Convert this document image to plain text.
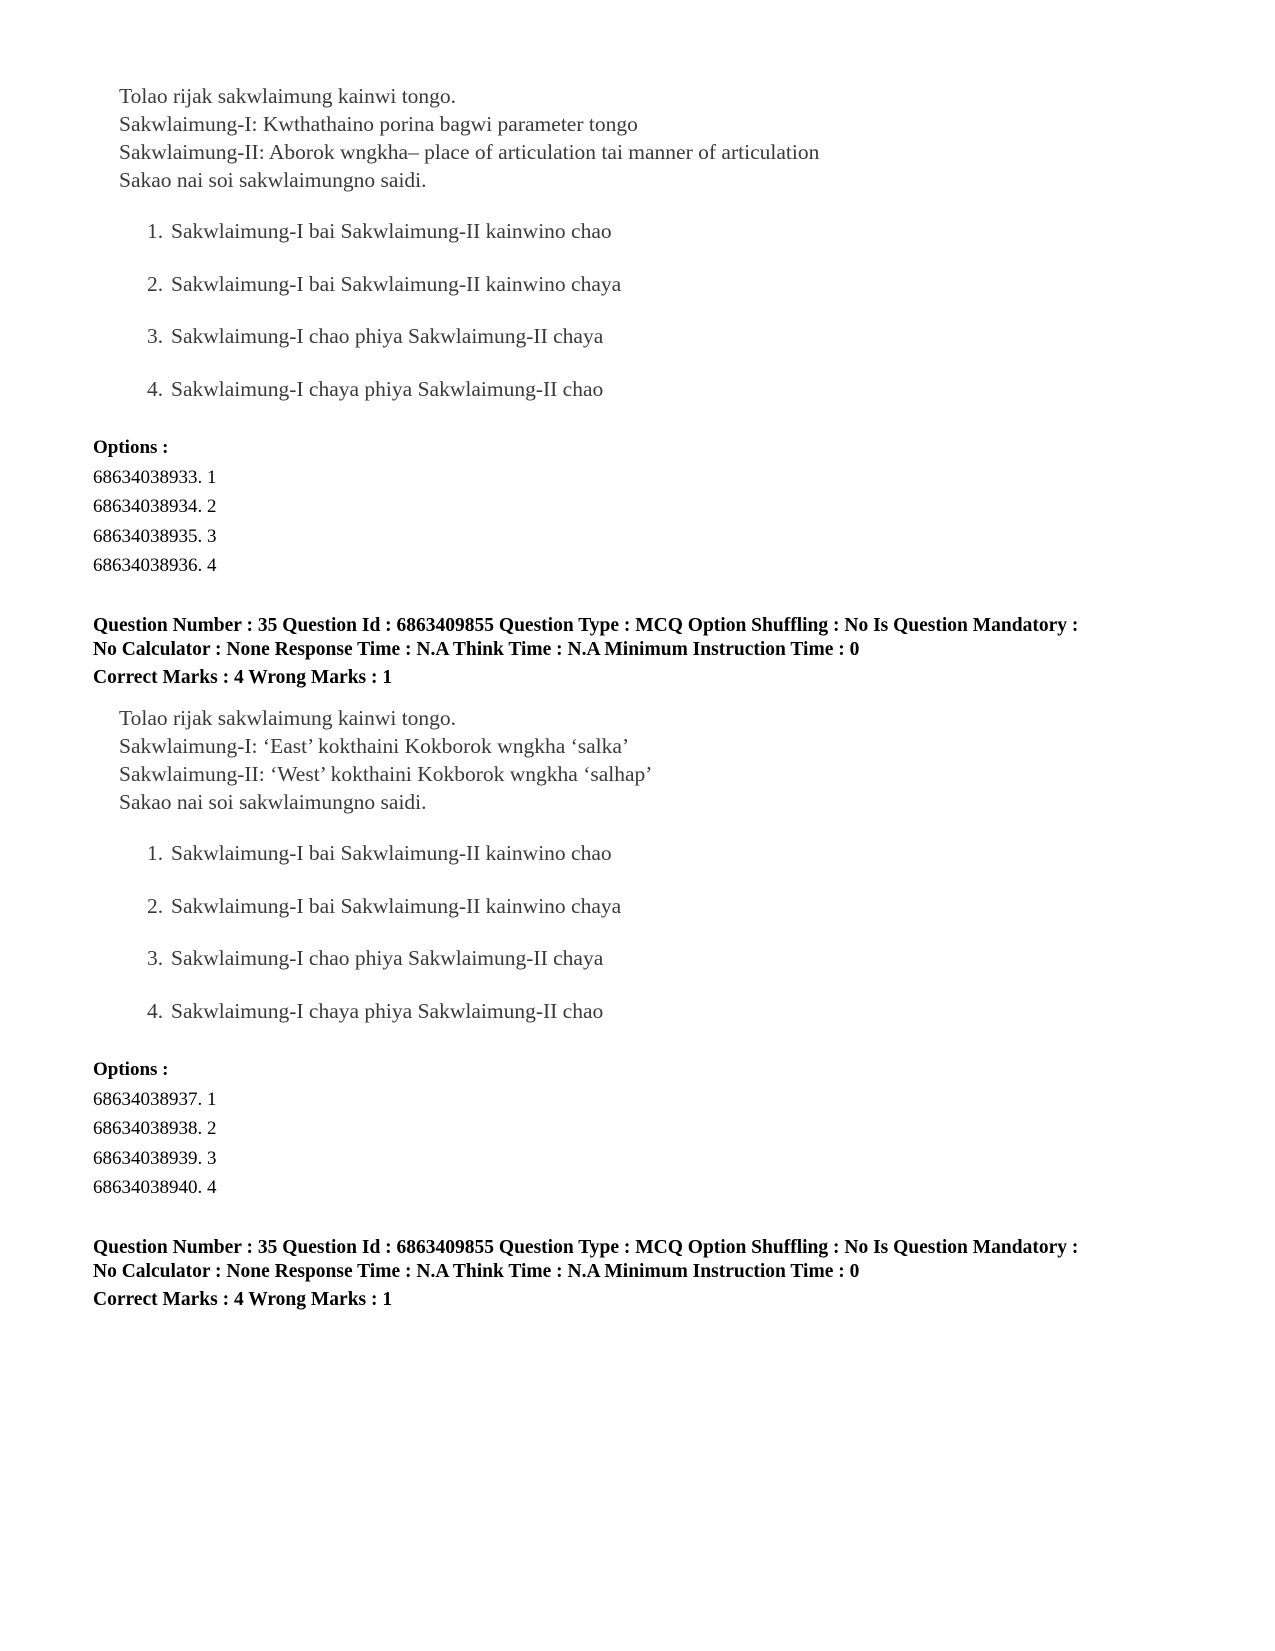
Tolao rijak sakwlaimung kainwi tongo.

Sakwlaimung-I: Kwthathaino porina bagwi parameter tongo

Sakwlaimung-II: Aborok wngkha– place of articulation tai manner of articulation

Sakao nai soi sakwlaimungno saidi.

1. Sakwlaimung-I bai Sakwlaimung-II kainwino chao
2. Sakwlaimung-I bai Sakwlaimung-II kainwino chaya
3. Sakwlaimung-I chao phiya Sakwlaimung-II chaya
4. Sakwlaimung-I chaya phiya Sakwlaimung-II chao

Options :

68634038933. 1

68634038934. 2

68634038935. 3

68634038936. 4

Question Number : 35 Question Id : 6863409855 Question Type : MCQ Option Shuffling : No Is Question Mandatory :

No Calculator : None Response Time : N.A Think Time : N.A Minimum Instruction Time : 0

Correct Marks : 4 Wrong Marks : 1

Tolao rijak sakwlaimung kainwi tongo.

Sakwlaimung-I: ‘East’ kokthaini Kokborok wngkha ‘salka’

Sakwlaimung-II: ‘West’ kokthaini Kokborok wngkha ‘salhap’

Sakao nai soi sakwlaimungno saidi.

1. Sakwlaimung-I bai Sakwlaimung-II kainwino chao
2. Sakwlaimung-I bai Sakwlaimung-II kainwino chaya
3. Sakwlaimung-I chao phiya Sakwlaimung-II chaya
4. Sakwlaimung-I chaya phiya Sakwlaimung-II chao

Options :

68634038937. 1

68634038938. 2

68634038939. 3

68634038940. 4

Question Number : 35 Question Id : 6863409855 Question Type : MCQ Option Shuffling : No Is Question Mandatory :

No Calculator : None Response Time : N.A Think Time : N.A Minimum Instruction Time : 0

Correct Marks : 4 Wrong Marks : 1
